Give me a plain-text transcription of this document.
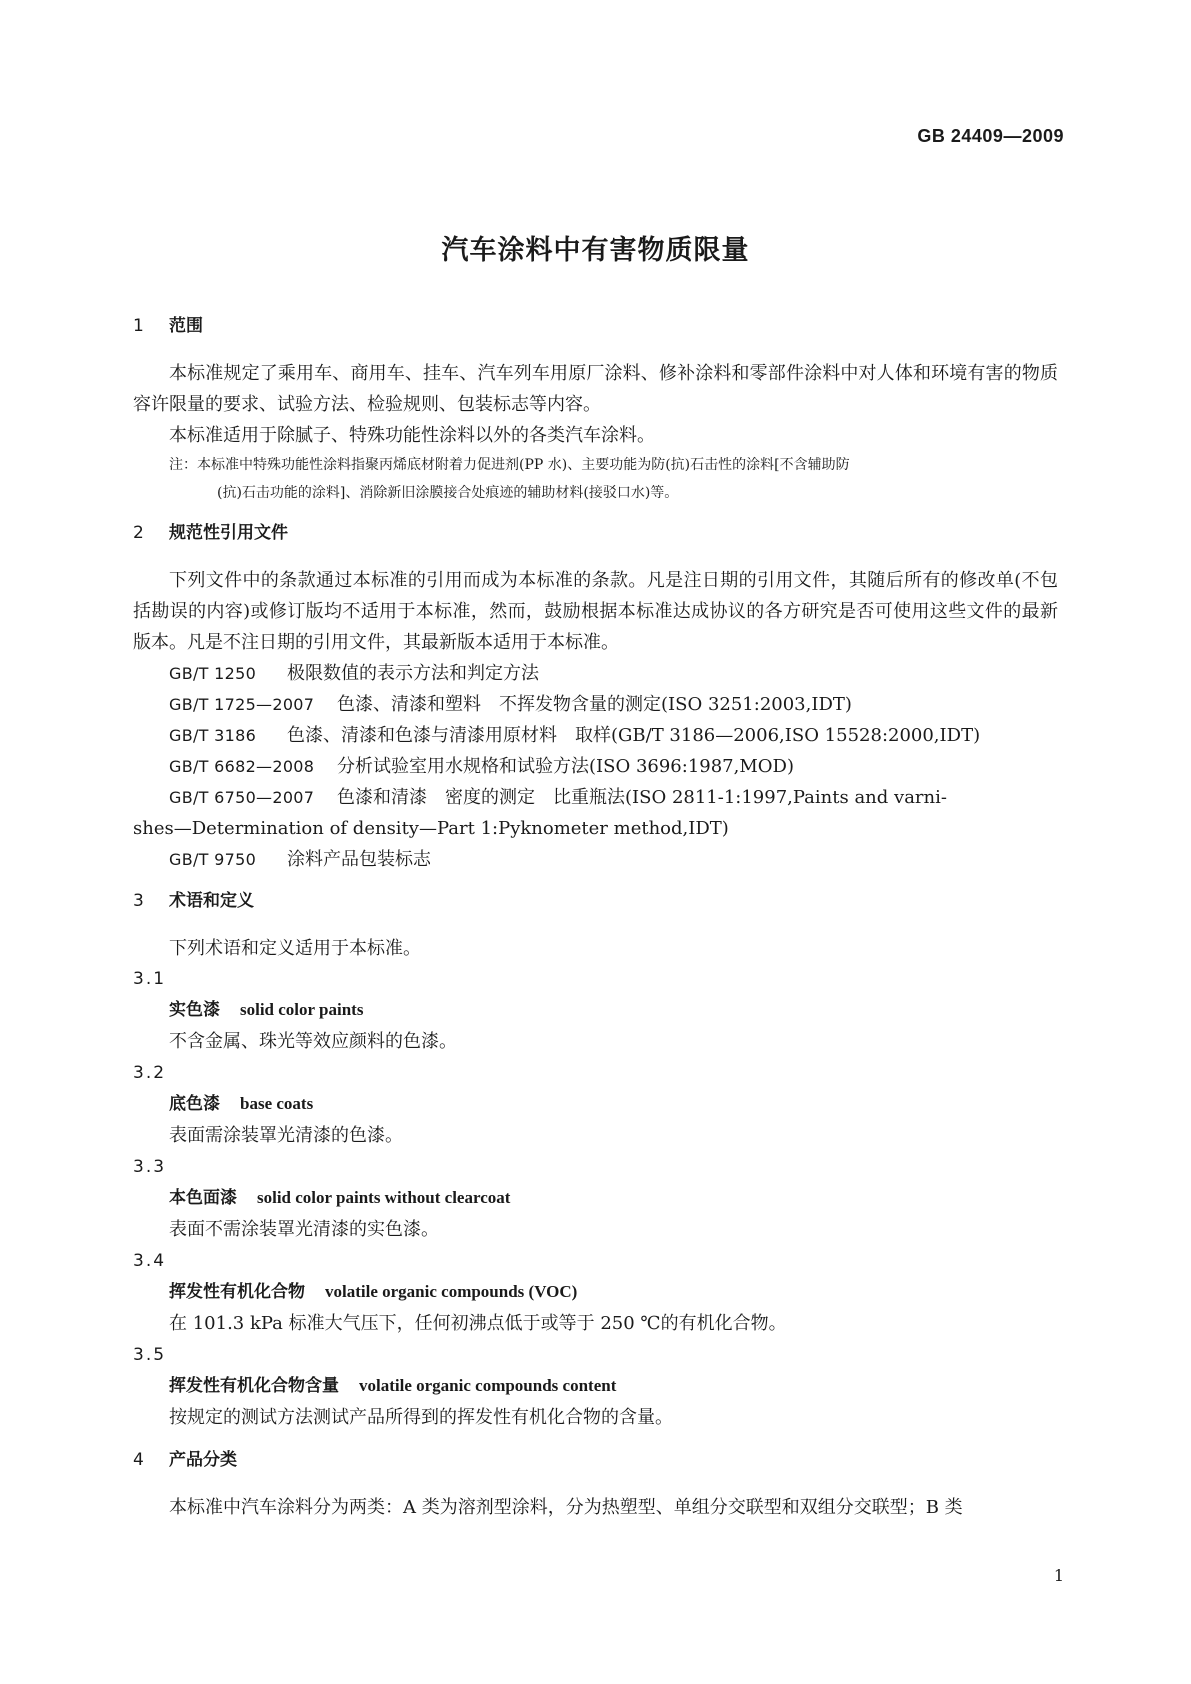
GB 24409—2009
汽车涂料中有害物质限量
1 范围

本标准规定了乘用车、商用车、挂车、汽车列车用原厂涂料、修补涂料和零部件涂料中对人体和环境有害的物质容许限量的要求、试验方法、检验规则、包装标志等内容。

本标准适用于除腻子、特殊功能性涂料以外的各类汽车涂料。

注：本标准中特殊功能性涂料指聚丙烯底材附着力促进剂(PP 水)、主要功能为防(抗)石击性的涂料[不含辅助防
(抗)石击功能的涂料]、消除新旧涂膜接合处痕迹的辅助材料(接驳口水)等。
2 规范性引用文件

下列文件中的条款通过本标准的引用而成为本标准的条款。凡是注日期的引用文件，其随后所有的修改单(不包括勘误的内容)或修订版均不适用于本标准，然而，鼓励根据本标准达成协议的各方研究是否可使用这些文件的最新版本。凡是不注日期的引用文件，其最新版本适用于本标准。

GB/T 1250 极限数值的表示方法和判定方法
GB/T 1725—2007 色漆、清漆和塑料　不挥发物含量的测定(ISO 3251:2003,IDT)
GB/T 3186 色漆、清漆和色漆与清漆用原材料　取样(GB/T 3186—2006,ISO 15528:2000,IDT)
GB/T 6682—2008 分析试验室用水规格和试验方法(ISO 3696:1987,MOD)
GB/T 6750—2007 色漆和清漆　密度的测定　比重瓶法(ISO 2811-1:1997,Paints and varni-
shes—Determination of density—Part 1:Pyknometer method,IDT)
GB/T 9750 涂料产品包装标志
3 术语和定义

下列术语和定义适用于本标准。

3.1
实色漆 solid color paints
不含金属、珠光等效应颜料的色漆。
3.2
底色漆 base coats
表面需涂装罩光清漆的色漆。
3.3
本色面漆 solid color paints without clearcoat
表面不需涂装罩光清漆的实色漆。
3.4
挥发性有机化合物 volatile organic compounds (VOC)
在 101.3 kPa 标准大气压下，任何初沸点低于或等于 250 ℃的有机化合物。
3.5
挥发性有机化合物含量 volatile organic compounds content
按规定的测试方法测试产品所得到的挥发性有机化合物的含量。
4 产品分类

本标准中汽车涂料分为两类：A 类为溶剂型涂料，分为热塑型、单组分交联型和双组分交联型；B 类

1
